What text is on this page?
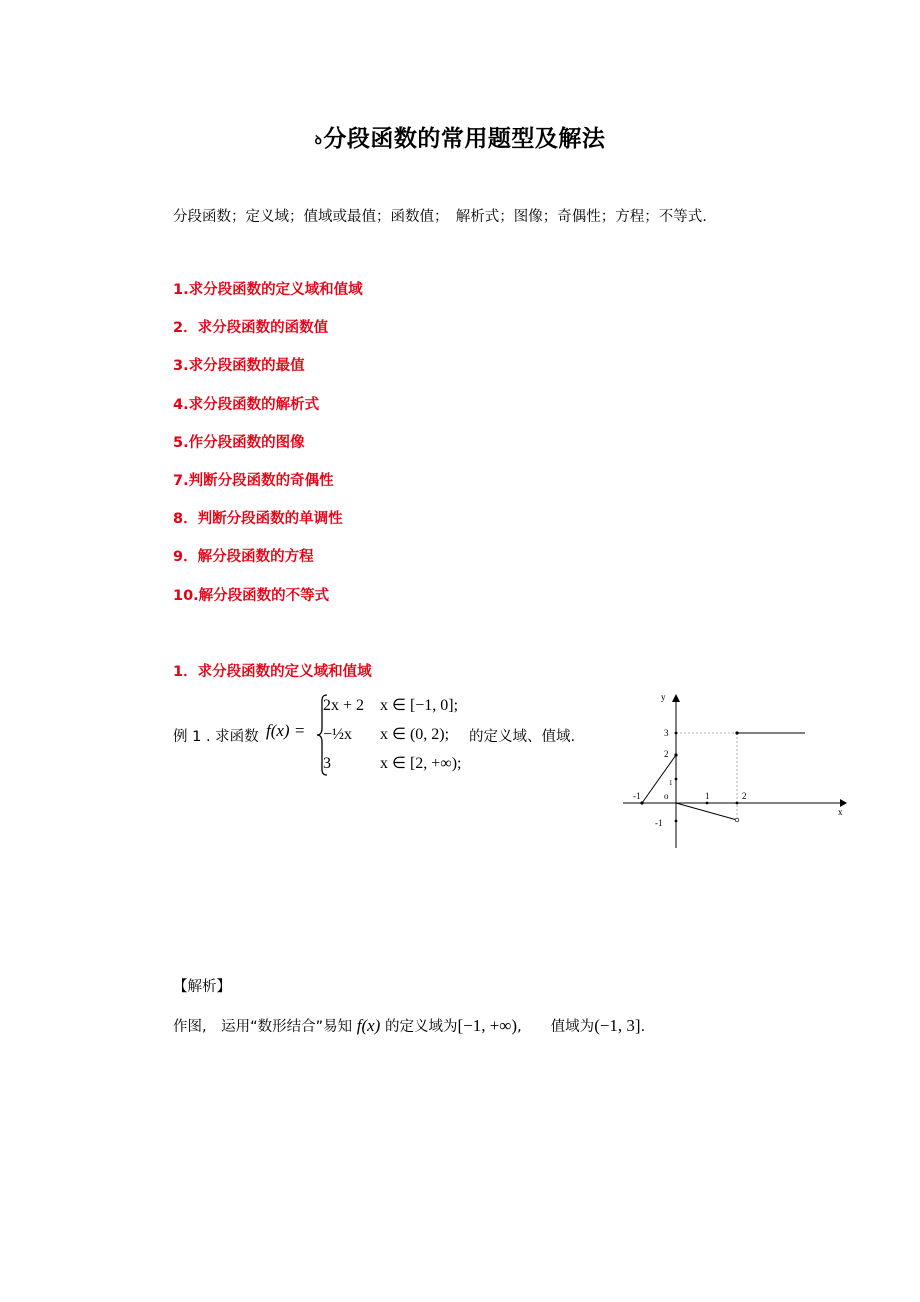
ꝺ分段函数的常用题型及解法
分段函数；定义域；值域或最值；函数值；　解析式；图像；奇偶性；方程；不等式.
1.求分段函数的定义域和值域
2．求分段函数的函数值
3.求分段函数的最值
4.求分段函数的解析式
5.作分段函数的图像
7.判断分段函数的奇偶性
8．判断分段函数的单调性
9．解分段函数的方程
10.解分段函数的不等式
1．求分段函数的定义域和值域
例 1 . 求函数 f(x) =
2x + 2 x ∈ [−1, 0];
−½x x ∈ (0, 2);
3	x ∈ [2, +∞);
的定义域、值域.
y
x
o
-1	1	2
3
2
1
-1
【解析】
作图,　运用“数形结合”易知 f(x) 的定义域为[−1, +∞),　　值域为(−1, 3].
